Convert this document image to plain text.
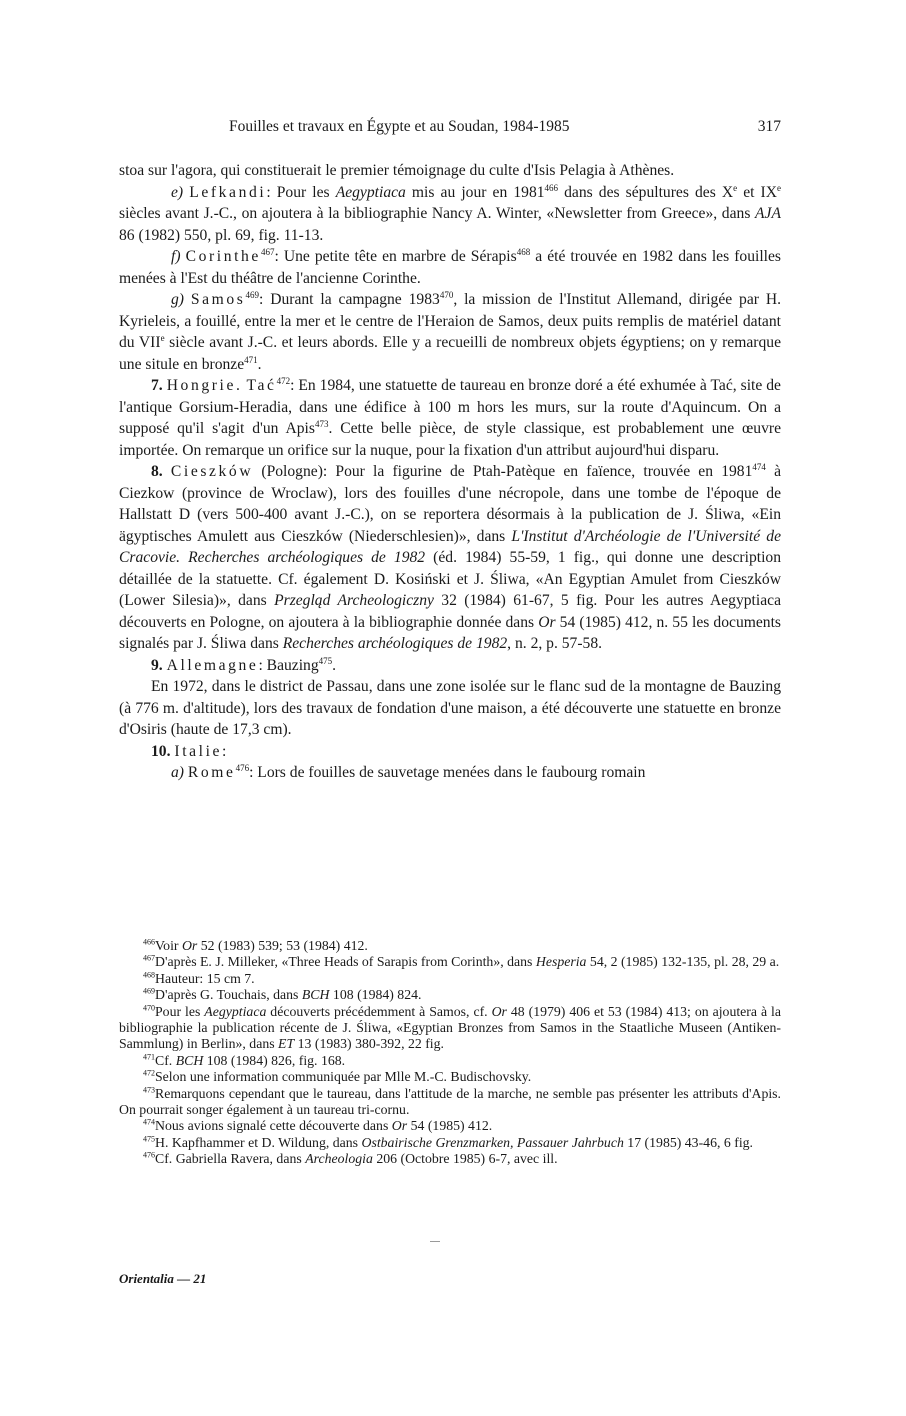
Fouilles et travaux en Égypte et au Soudan, 1984-1985	317

stoa sur l'agora, qui constituerait le premier témoignage du culte d'Isis Pelagia à Athènes.

e) Lefkandi: Pour les Aegyptiaca mis au jour en 1981$^{466}$ dans des sépultures des Xe et IXe siècles avant J.-C., on ajoutera à la bibliographie Nancy A. Winter, «Newsletter from Greece», dans AJA 86 (1982) 550, pl. 69, fig. 11-13.

f) Corinthe$^{467}$: Une petite tête en marbre de Sérapis$^{468}$ a été trouvée en 1982 dans les fouilles menées à l'Est du théâtre de l'ancienne Corinthe.

g) Samos$^{469}$: Durant la campagne 1983$^{470}$, la mission de l'Institut Allemand, dirigée par H. Kyrieleis, a fouillé, entre la mer et le centre de l'Heraion de Samos, deux puits remplis de matériel datant du VIIe siècle avant J.-C. et leurs abords. Elle y a recueilli de nombreux objets égyptiens; on y remarque une situle en bronze$^{471}$.

7. Hongrie. Tać$^{472}$: En 1984, une statuette de taureau en bronze doré a été exhumée à Tać, site de l'antique Gorsium-Heradia, dans une édifice à 100 m hors les murs, sur la route d'Aquincum. On a supposé qu'il s'agit d'un Apis$^{473}$. Cette belle pièce, de style classique, est probablement une œuvre importée. On remarque un orifice sur la nuque, pour la fixation d'un attribut aujourd'hui disparu.

8. Cieszków (Pologne): Pour la figurine de Ptah-Patèque en faïence, trouvée en 1981$^{474}$ à Ciezkow (province de Wroclaw), lors des fouilles d'une nécropole, dans une tombe de l'époque de Hallstatt D (vers 500-400 avant J.-C.), on se reportera désormais à la publication de J. Śliwa, «Ein ägyptisches Amulett aus Cieszków (Niederschlesien)», dans L'Institut d'Archéologie de l'Université de Cracovie. Recherches archéologiques de 1982 (éd. 1984) 55-59, 1 fig., qui donne une description détaillée de la statuette. Cf. également D. Kosiński et J. Śliwa, «An Egyptian Amulet from Cieszków (Lower Silesia)», dans Przegląd Archeologiczny 32 (1984) 61-67, 5 fig. Pour les autres Aegyptiaca découverts en Pologne, on ajoutera à la bibliographie donnée dans Or 54 (1985) 412, n. 55 les documents signalés par J. Śliwa dans Recherches archéologiques de 1982, n. 2, p. 57-58.

9. Allemagne: Bauzing$^{475}$.

En 1972, dans le district de Passau, dans une zone isolée sur le flanc sud de la montagne de Bauzing (à 776 m. d'altitude), lors des travaux de fondation d'une maison, a été découverte une statuette en bronze d'Osiris (haute de 17,3 cm).

10. Italie:

a) Rome$^{476}$: Lors de fouilles de sauvetage menées dans le faubourg romain

$^{466}$Voir Or 52 (1983) 539; 53 (1984) 412.

$^{467}$D'après E. J. Milleker, «Three Heads of Sarapis from Corinth», dans Hesperia 54, 2 (1985) 132-135, pl. 28, 29 a.

$^{468}$Hauteur: 15 cm 7.

$^{469}$D'après G. Touchais, dans BCH 108 (1984) 824.

$^{470}$Pour les Aegyptiaca découverts précédemment à Samos, cf. Or 48 (1979) 406 et 53 (1984) 413; on ajoutera à la bibliographie la publication récente de J. Śliwa, «Egyptian Bronzes from Samos in the Staatliche Museen (Antiken-Sammlung) in Berlin», dans ET 13 (1983) 380-392, 22 fig.

$^{471}$Cf. BCH 108 (1984) 826, fig. 168.

$^{472}$Selon une information communiquée par Mlle M.-C. Budischovsky.

$^{473}$Remarquons cependant que le taureau, dans l'attitude de la marche, ne semble pas présenter les attributs d'Apis. On pourrait songer également à un taureau tri-cornu.

$^{474}$Nous avions signalé cette découverte dans Or 54 (1985) 412.

$^{475}$H. Kapfhammer et D. Wildung, dans Ostbairische Grenzmarken, Passauer Jahrbuch 17 (1985) 43-46, 6 fig.

$^{476}$Cf. Gabriella Ravera, dans Archeologia 206 (Octobre 1985) 6-7, avec ill.

Orientalia — 21
